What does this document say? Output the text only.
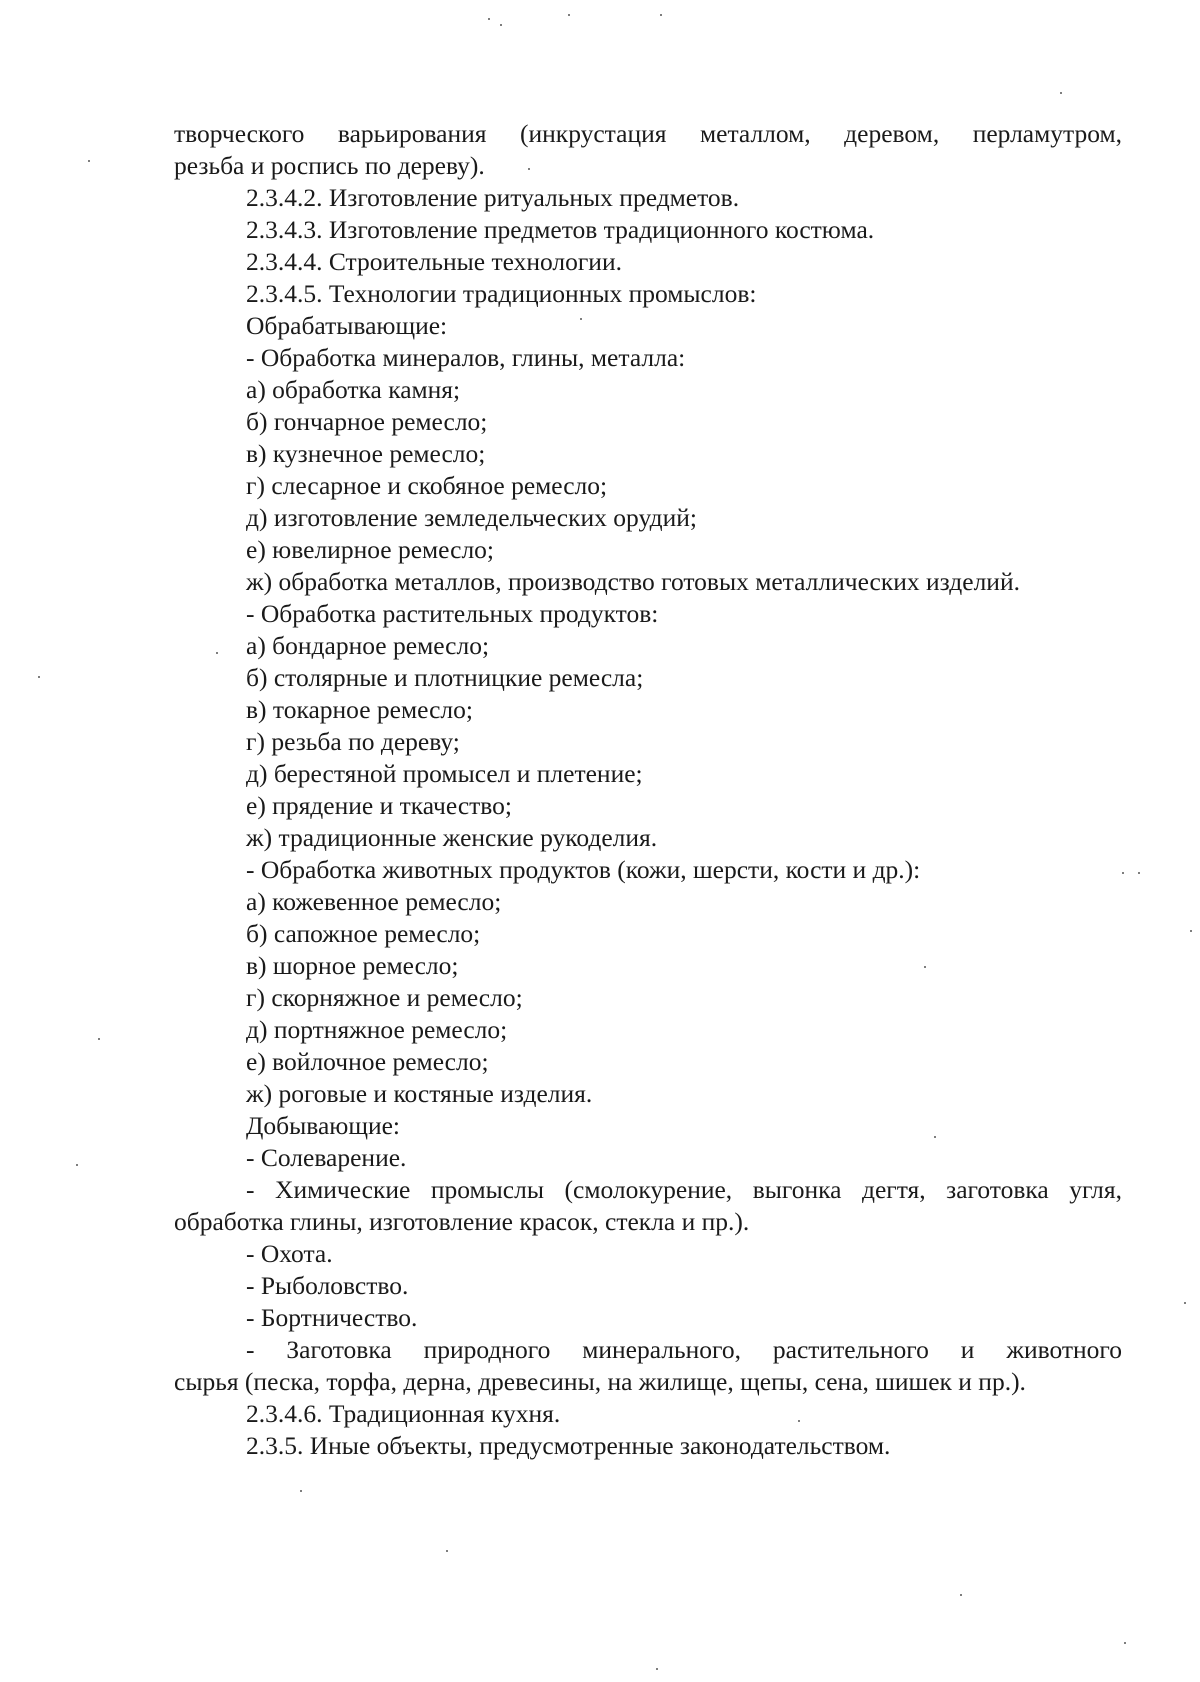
творческого варьирования (инкрустация металлом, деревом, перламутром,
резьба и роспись по дереву).
2.3.4.2. Изготовление ритуальных предметов.
2.3.4.3. Изготовление предметов традиционного костюма.
2.3.4.4. Строительные технологии.
2.3.4.5. Технологии традиционных промыслов:
Обрабатывающие:
- Обработка минералов, глины, металла:
а) обработка камня;
б) гончарное ремесло;
в) кузнечное ремесло;
г) слесарное и скобяное ремесло;
д) изготовление земледельческих орудий;
е) ювелирное ремесло;
ж) обработка металлов, производство готовых металлических изделий.
- Обработка растительных продуктов:
а) бондарное ремесло;
б) столярные и плотницкие ремесла;
в) токарное ремесло;
г) резьба по дереву;
д) берестяной промысел и плетение;
е) прядение и ткачество;
ж) традиционные женские рукоделия.
- Обработка животных продуктов (кожи, шерсти, кости и др.):
а) кожевенное ремесло;
б) сапожное ремесло;
в) шорное ремесло;
г) скорняжное и ремесло;
д) портняжное ремесло;
е) войлочное ремесло;
ж) роговые и костяные изделия.
Добывающие:
- Солеварение.
- Химические промыслы (смолокурение, выгонка дегтя, заготовка угля,
обработка глины, изготовление красок, стекла и пр.).
- Охота.
- Рыболовство.
- Бортничество.
- Заготовка природного минерального, растительного и животного
сырья (песка, торфа, дерна, древесины, на жилище, щепы, сена, шишек и пр.).
2.3.4.6. Традиционная кухня.
2.3.5. Иные объекты, предусмотренные законодательством.
